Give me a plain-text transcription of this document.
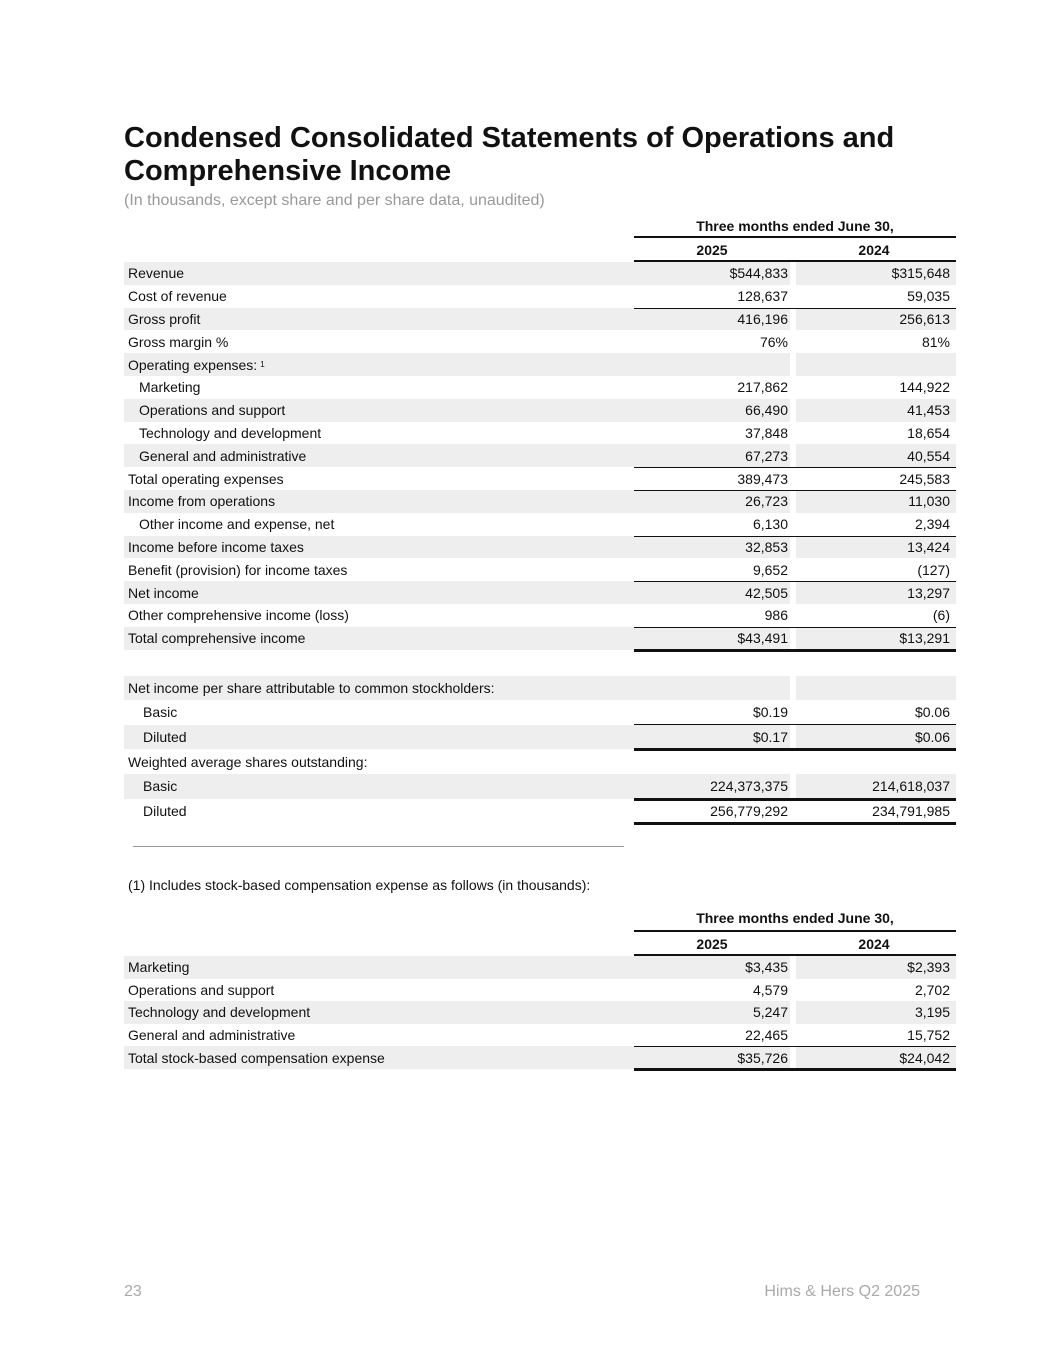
Condensed Consolidated Statements of Operations and Comprehensive Income
(In thousands, except share and per share data, unaudited)
Three months ended June 30,
2025	2024
Revenue	$544,833	$315,648
Cost of revenue	128,637	59,035
Gross profit	416,196	256,613
Gross margin %	76%	81%
Operating expenses: 1
Marketing	217,862	144,922
Operations and support	66,490	41,453
Technology and development	37,848	18,654
General and administrative	67,273	40,554
Total operating expenses	389,473	245,583
Income from operations	26,723	11,030
Other income and expense, net	6,130	2,394
Income before income taxes	32,853	13,424
Benefit (provision) for income taxes	9,652	(127)
Net income	42,505	13,297
Other comprehensive income (loss)	986	(6)
Total comprehensive income	$43,491	$13,291
Net income per share attributable to common stockholders:
Basic	$0.19	$0.06
Diluted	$0.17	$0.06
Weighted average shares outstanding:
Basic	224,373,375	214,618,037
Diluted	256,779,292	234,791,985
(1) Includes stock-based compensation expense as follows (in thousands):
Three months ended June 30,
2025	2024
Marketing	$3,435	$2,393
Operations and support	4,579	2,702
Technology and development	5,247	3,195
General and administrative	22,465	15,752
Total stock-based compensation expense	$35,726	$24,042
23	Hims & Hers Q2 2025
